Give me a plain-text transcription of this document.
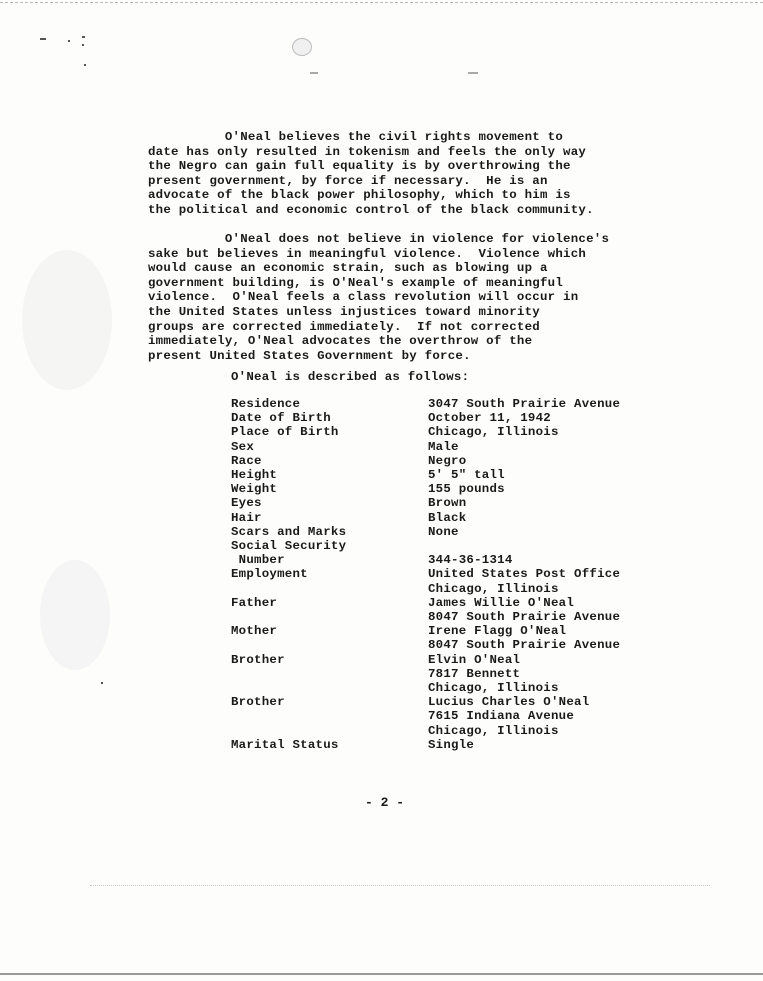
O'Neal believes the civil rights movement to
date has only resulted in tokenism and feels the only way
the Negro can gain full equality is by overthrowing the
present government, by force if necessary.  He is an
advocate of the black power philosophy, which to him is
the political and economic control of the black community.

O'Neal does not believe in violence for violence's
sake but believes in meaningful violence.  Violence which
would cause an economic strain, such as blowing up a
government building, is O'Neal's example of meaningful
violence.  O'Neal feels a class revolution will occur in
the United States unless injustices toward minority
groups are corrected immediately.  If not corrected
immediately, O'Neal advocates the overthrow of the
present United States Government by force.

O'Neal is described as follows:
Residence	3047 South Prairie Avenue
Date of Birth	October 11, 1942
Place of Birth	Chicago, Illinois
Sex	Male
Race	Negro
Height	5' 5" tall
Weight	155 pounds
Eyes	Brown
Hair	Black
Scars and Marks	None
Social Security
Number	344-36-1314
Employment	United States Post Office
Chicago, Illinois
Father	James Willie O'Neal
8047 South Prairie Avenue
Mother	Irene Flagg O'Neal
8047 South Prairie Avenue
Brother	Elvin O'Neal
7817 Bennett
Chicago, Illinois
Brother	Lucius Charles O'Neal
7615 Indiana Avenue
Chicago, Illinois
Marital Status	Single
- 2 -
